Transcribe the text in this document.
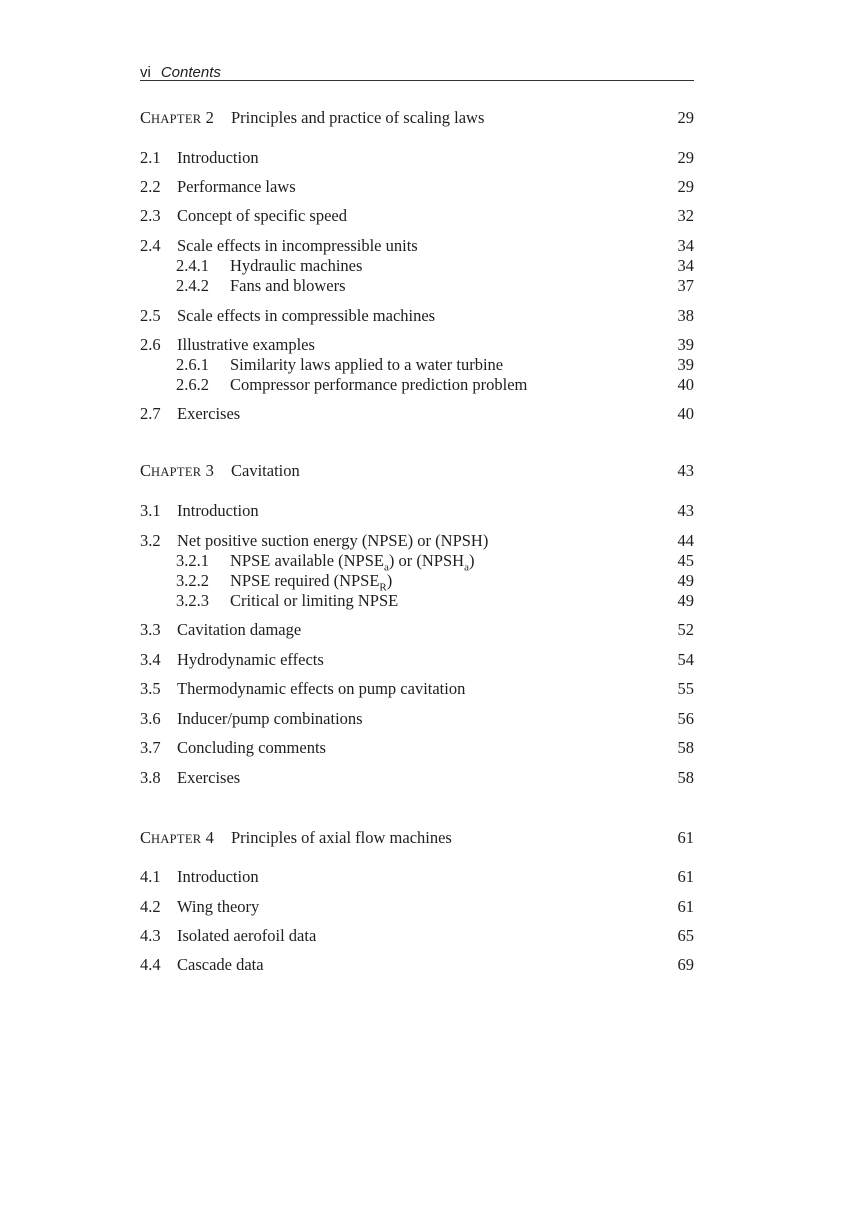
vi Contents
CHAPTER 2 Principles and practice of scaling laws	29
2.1 Introduction	29
2.2 Performance laws	29
2.3 Concept of specific speed	32
2.4 Scale effects in incompressible units	34
2.4.1 Hydraulic machines	34
2.4.2 Fans and blowers	37
2.5 Scale effects in compressible machines	38
2.6 Illustrative examples	39
2.6.1 Similarity laws applied to a water turbine	39
2.6.2 Compressor performance prediction problem	40
2.7 Exercises	40
CHAPTER 3 Cavitation	43
3.1 Introduction	43
3.2 Net positive suction energy (NPSE) or (NPSH)	44
3.2.1 NPSE available $(NPSE_a)$ or $(NPSH_a)$	45
3.2.2 NPSE required $(NPSE_R)$	49
3.2.3 Critical or limiting NPSE	49
3.3 Cavitation damage	52
3.4 Hydrodynamic effects	54
3.5 Thermodynamic effects on pump cavitation	55
3.6 Inducer/pump combinations	56
3.7 Concluding comments	58
3.8 Exercises	58
CHAPTER 4 Principles of axial flow machines	61
4.1 Introduction	61
4.2 Wing theory	61
4.3 Isolated aerofoil data	65
4.4 Cascade data	69
